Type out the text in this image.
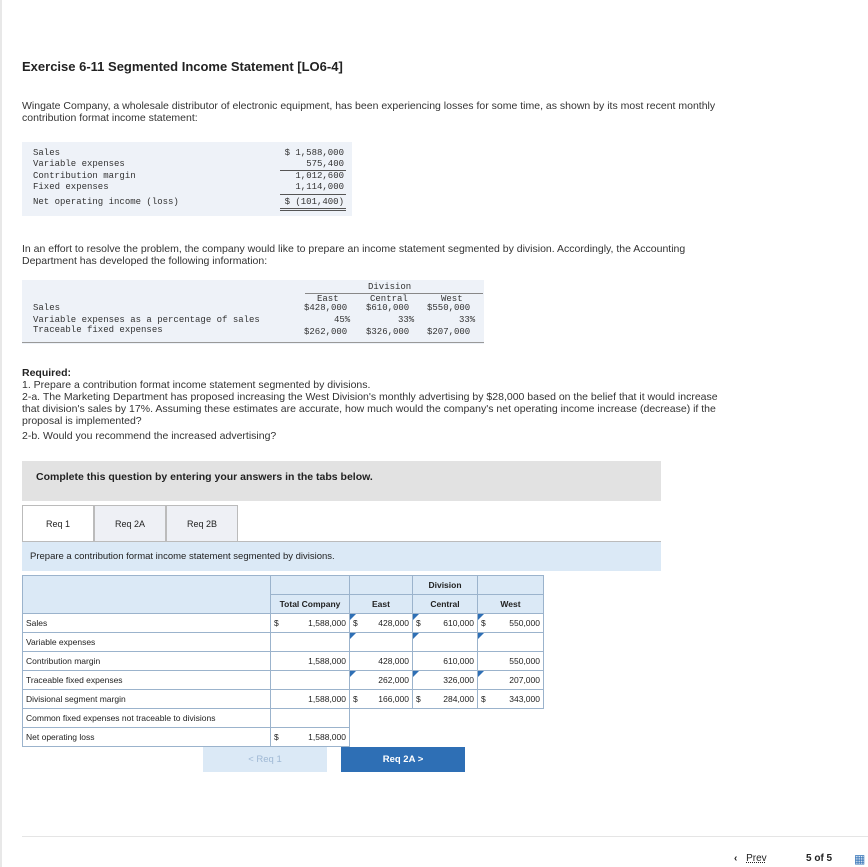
Exercise 6-11 Segmented Income Statement [LO6-4]
Wingate Company, a wholesale distributor of electronic equipment, has been experiencing losses for some time, as shown by its most recent monthly contribution format income statement:
Sales	$ 1,588,000
Variable expenses	575,400
Contribution margin	1,012,600
Fixed expenses	1,114,000
Net operating income (loss)	$ (101,400)
In an effort to resolve the problem, the company would like to prepare an income statement segmented by division. Accordingly, the Accounting Department has developed the following information:
Division
East	Central	West
Sales	$428,000 $610,000 $550,000
Variable expenses as a percentage of sales	45%	33%	33%
Traceable fixed expenses	$262,000 $326,000 $207,000
Required:
1. Prepare a contribution format income statement segmented by divisions.
2-a. The Marketing Department has proposed increasing the West Division's monthly advertising by $28,000 based on the belief that it would increase that division's sales by 17%. Assuming these estimates are accurate, how much would the company's net operating income increase (decrease) if the proposal is implemented?
2-b. Would you recommend the increased advertising?
Complete this question by entering your answers in the tabs below.
Req 1	Req 2A	Req 2B
Prepare a contribution format income statement segmented by divisions.
			Division	
	Total Company	East	Central	West
Sales	$ 1,588,000	$ 428,000	$ 610,000	$ 550,000
Variable expenses				
Contribution margin	1,588,000	428,000	610,000	550,000
Traceable fixed expenses		262,000	326,000	207,000
Divisional segment margin	1,588,000	$ 166,000	$ 284,000	$ 343,000
Common fixed expenses not traceable to divisions				
Net operating loss	$ 1,588,000			
< Req 1	Req 2A >
‹ Prev	5 of 5 ▦
